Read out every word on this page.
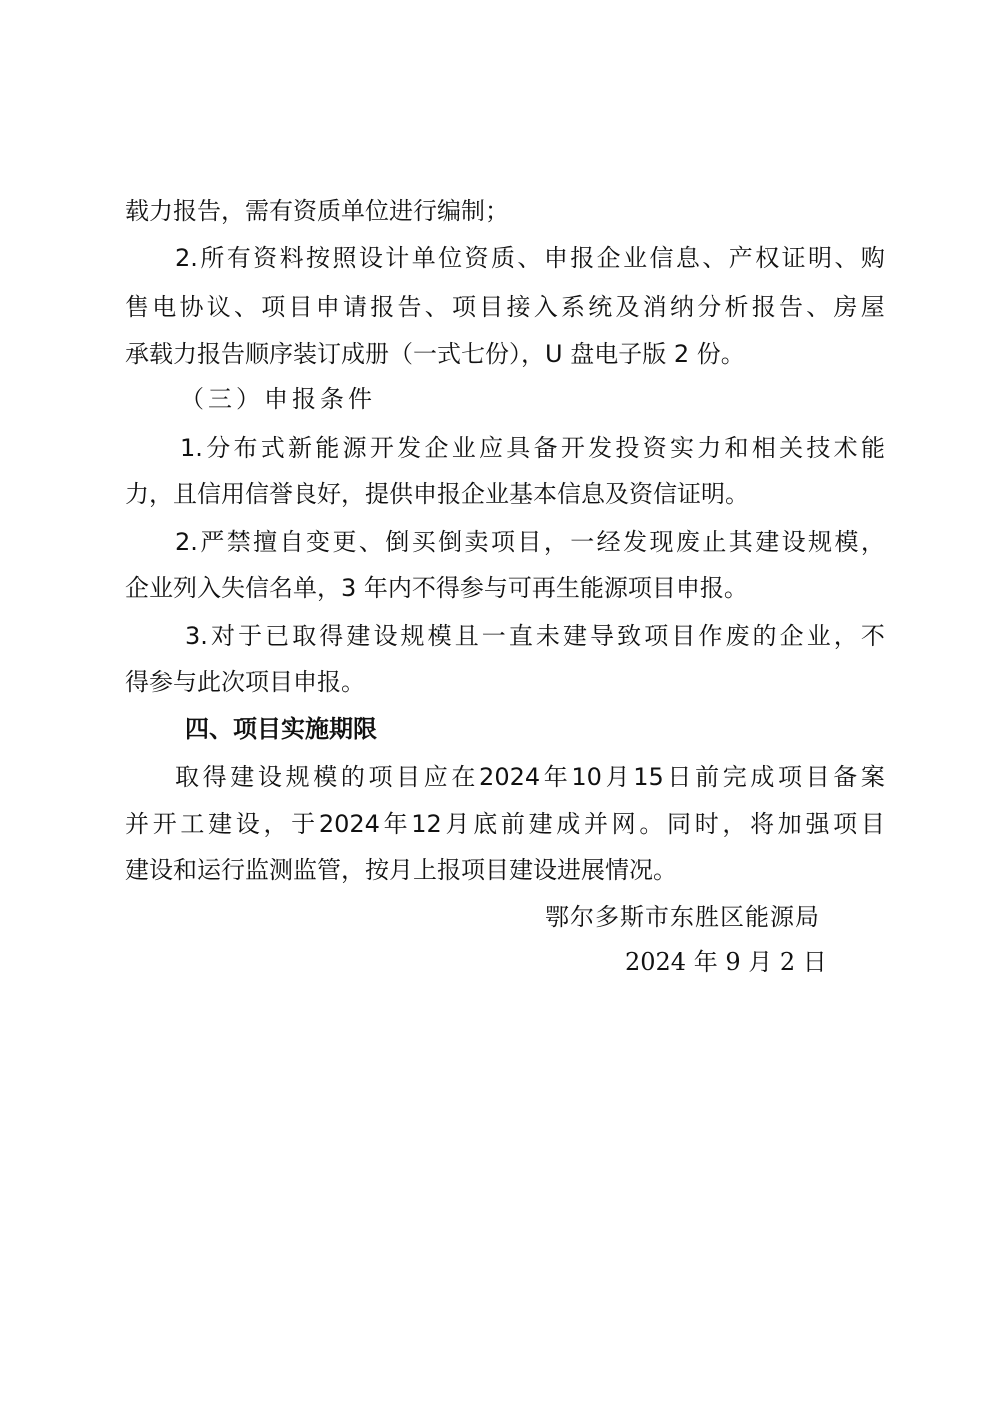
载力报告，需有资质单位进行编制；
2. 所 有 资 料 按 照 设 计 单 位 资 质 、 申 报 企 业 信 息 、 产 权 证 明 、 购
售 电 协 议 、 项 目 申 请 报 告 、 项 目 接 入 系 统 及 消 纳 分 析 报 告 、 房 屋
承载力报告顺序装订成册（一式七份），U 盘电子版 2 份。
（三）申报条件
1. 分 布 式 新 能 源 开 发 企 业 应 具 备 开 发 投 资 实 力 和 相 关 技 术 能
力，且信用信誉良好，提供申报企业基本信息及资信证明。
2. 严 禁 擅 自 变 更 、 倒 买 倒 卖 项 目 ， 一 经 发 现 废 止 其 建 设 规 模 ，
企业列入失信名单，3 年内不得参与可再生能源项目申报。
3. 对 于 已 取 得 建 设 规 模 且 一 直 未 建 导 致 项 目 作 废 的 企 业 ， 不
得参与此次项目申报。
四、项目实施期限
取 得 建 设 规 模 的 项 目 应 在 2024 年 10 月 15 日 前 完 成 项 目 备 案
并 开 工 建 设 ， 于 2024 年 12 月 底 前 建 成 并 网 。 同 时 ， 将 加 强 项 目
建设和运行监测监管，按月上报项目建设进展情况。
鄂尔多斯市东胜区能源局
2024 年 9 月 2 日
